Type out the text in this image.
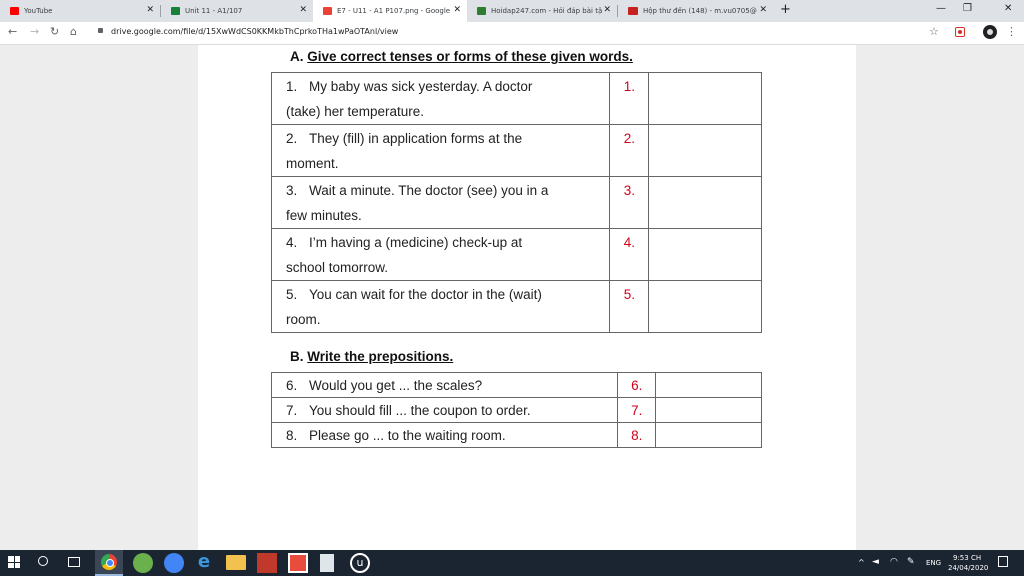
YouTube	✕	Unit 11 - A1/107	✕	E7 - U11 - A1 P107.png - Google ✕	Hoidap247.com - Hỏi đáp bài tậ ✕	Hộp thư đến (148) - m.vu0705@ ✕ +	— ❐	✕
← → ↻ ⌂	drive.google.com/file/d/15XwWdCS0KKMkbThCprkoTHa1wPaOTAnl/view	☆	⋮
A. Give correct tenses or forms of these given words.
1. My baby was sick yesterday. A doctor
(take) her temperature.	1.	
2. They (fill) in application forms at the
moment.	2.	
3. Wait a minute. The doctor (see) you in a
few minutes.	3.	
4. I’m having a (medicine) check-up at
school tomorrow.	4.	
5. You can wait for the doctor in the (wait)
room.	5.	
B. Write the prepositions.
6. Would you get ... the scales?	6.	
7. You should fill ... the coupon to order.	7.	
8. Please go ... to the waiting room.	8.	
e	u	^ ◄ ◠ ✎ ENG
9:53 CH
24/04/2020
